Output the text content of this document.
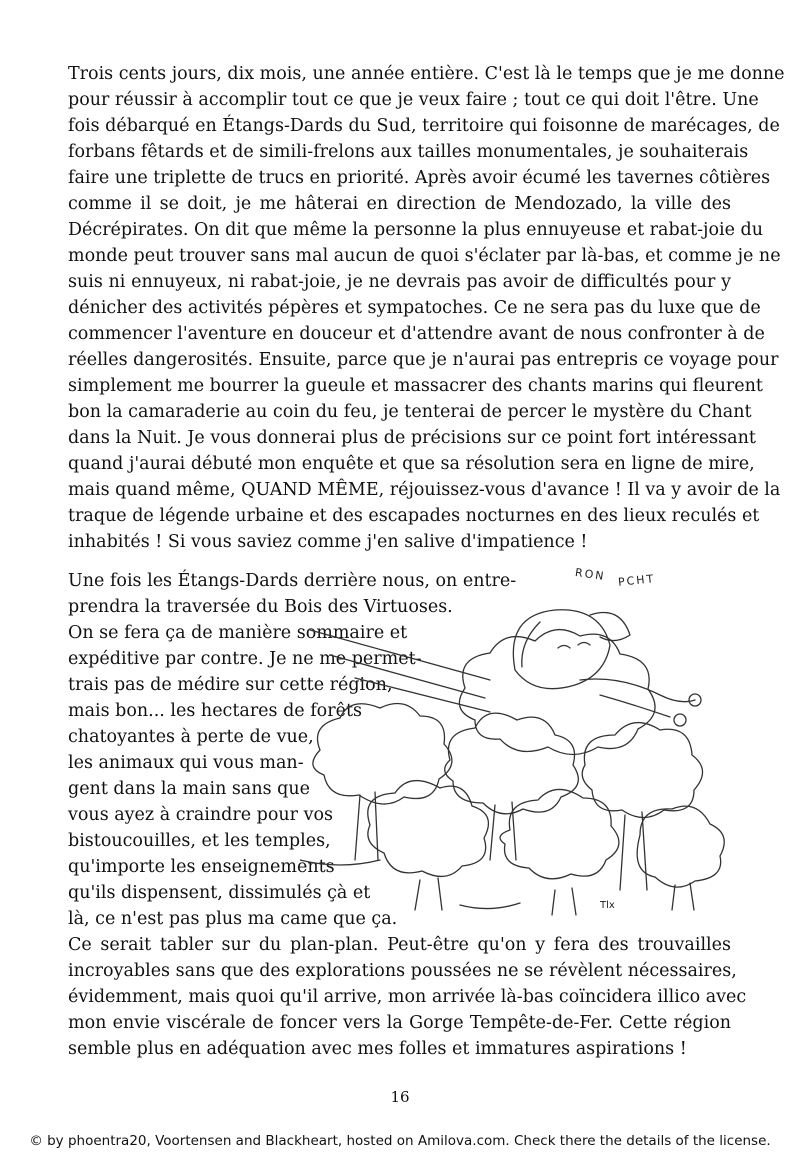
Trois cents jours, dix mois, une année entière. C'est là le temps que je me donne

pour réussir à accomplir tout ce que je veux faire ; tout ce qui doit l'être. Une

fois débarqué en Étangs-Dards du Sud, territoire qui foisonne de marécages, de

forbans fêtards et de simili-frelons aux tailles monumentales, je souhaiterais

faire une triplette de trucs en priorité. Après avoir écumé les tavernes côtières

comme il se doit, je me hâterai en direction de Mendozado, la ville des

Décrépirates. On dit que même la personne la plus ennuyeuse et rabat-joie du

monde peut trouver sans mal aucun de quoi s'éclater par là-bas, et comme je ne

suis ni ennuyeux, ni rabat-joie, je ne devrais pas avoir de difficultés pour y

dénicher des activités pépères et sympatoches. Ce ne sera pas du luxe que de

commencer l'aventure en douceur et d'attendre avant de nous confronter à de

réelles dangerosités. Ensuite, parce que je n'aurai pas entrepris ce voyage pour

simplement me bourrer la gueule et massacrer des chants marins qui fleurent

bon la camaraderie au coin du feu, je tenterai de percer le mystère du Chant

dans la Nuit. Je vous donnerai plus de précisions sur ce point fort intéressant

quand j'aurai débuté mon enquête et que sa résolution sera en ligne de mire,

mais quand même, QUAND MÊME, réjouissez-vous d'avance ! Il va y avoir de la

traque de légende urbaine et des escapades nocturnes en des lieux reculés et

inhabités ! Si vous saviez comme j'en salive d'impatience !

Une fois les Étangs-Dards derrière nous, on entre-

prendra la traversée du Bois des Virtuoses.

On se fera ça de manière sommaire et

expéditive par contre. Je ne me permet-

trais pas de médire sur cette région,

mais bon... les hectares de forêts

chatoyantes à perte de vue,

les animaux qui vous man-

gent dans la main sans que

vous ayez à craindre pour vos

bistoucouilles, et les temples,

qu'importe les enseignements

qu'ils dispensent, dissimulés çà et

là, ce n'est pas plus ma came que ça.

Ce serait tabler sur du plan-plan. Peut-être qu'on y fera des trouvailles

incroyables sans que des explorations poussées ne se révèlent nécessaires,

évidemment, mais quoi qu'il arrive, mon arrivée là-bas coïncidera illico avec

mon envie viscérale de foncer vers la Gorge Tempête-de-Fer. Cette région

semble plus en adéquation avec mes folles et immatures aspirations !

RON PCHT
Tlx
16
© by phoentra20, Voortensen and Blackheart, hosted on Amilova.com. Check there the details of the license.
